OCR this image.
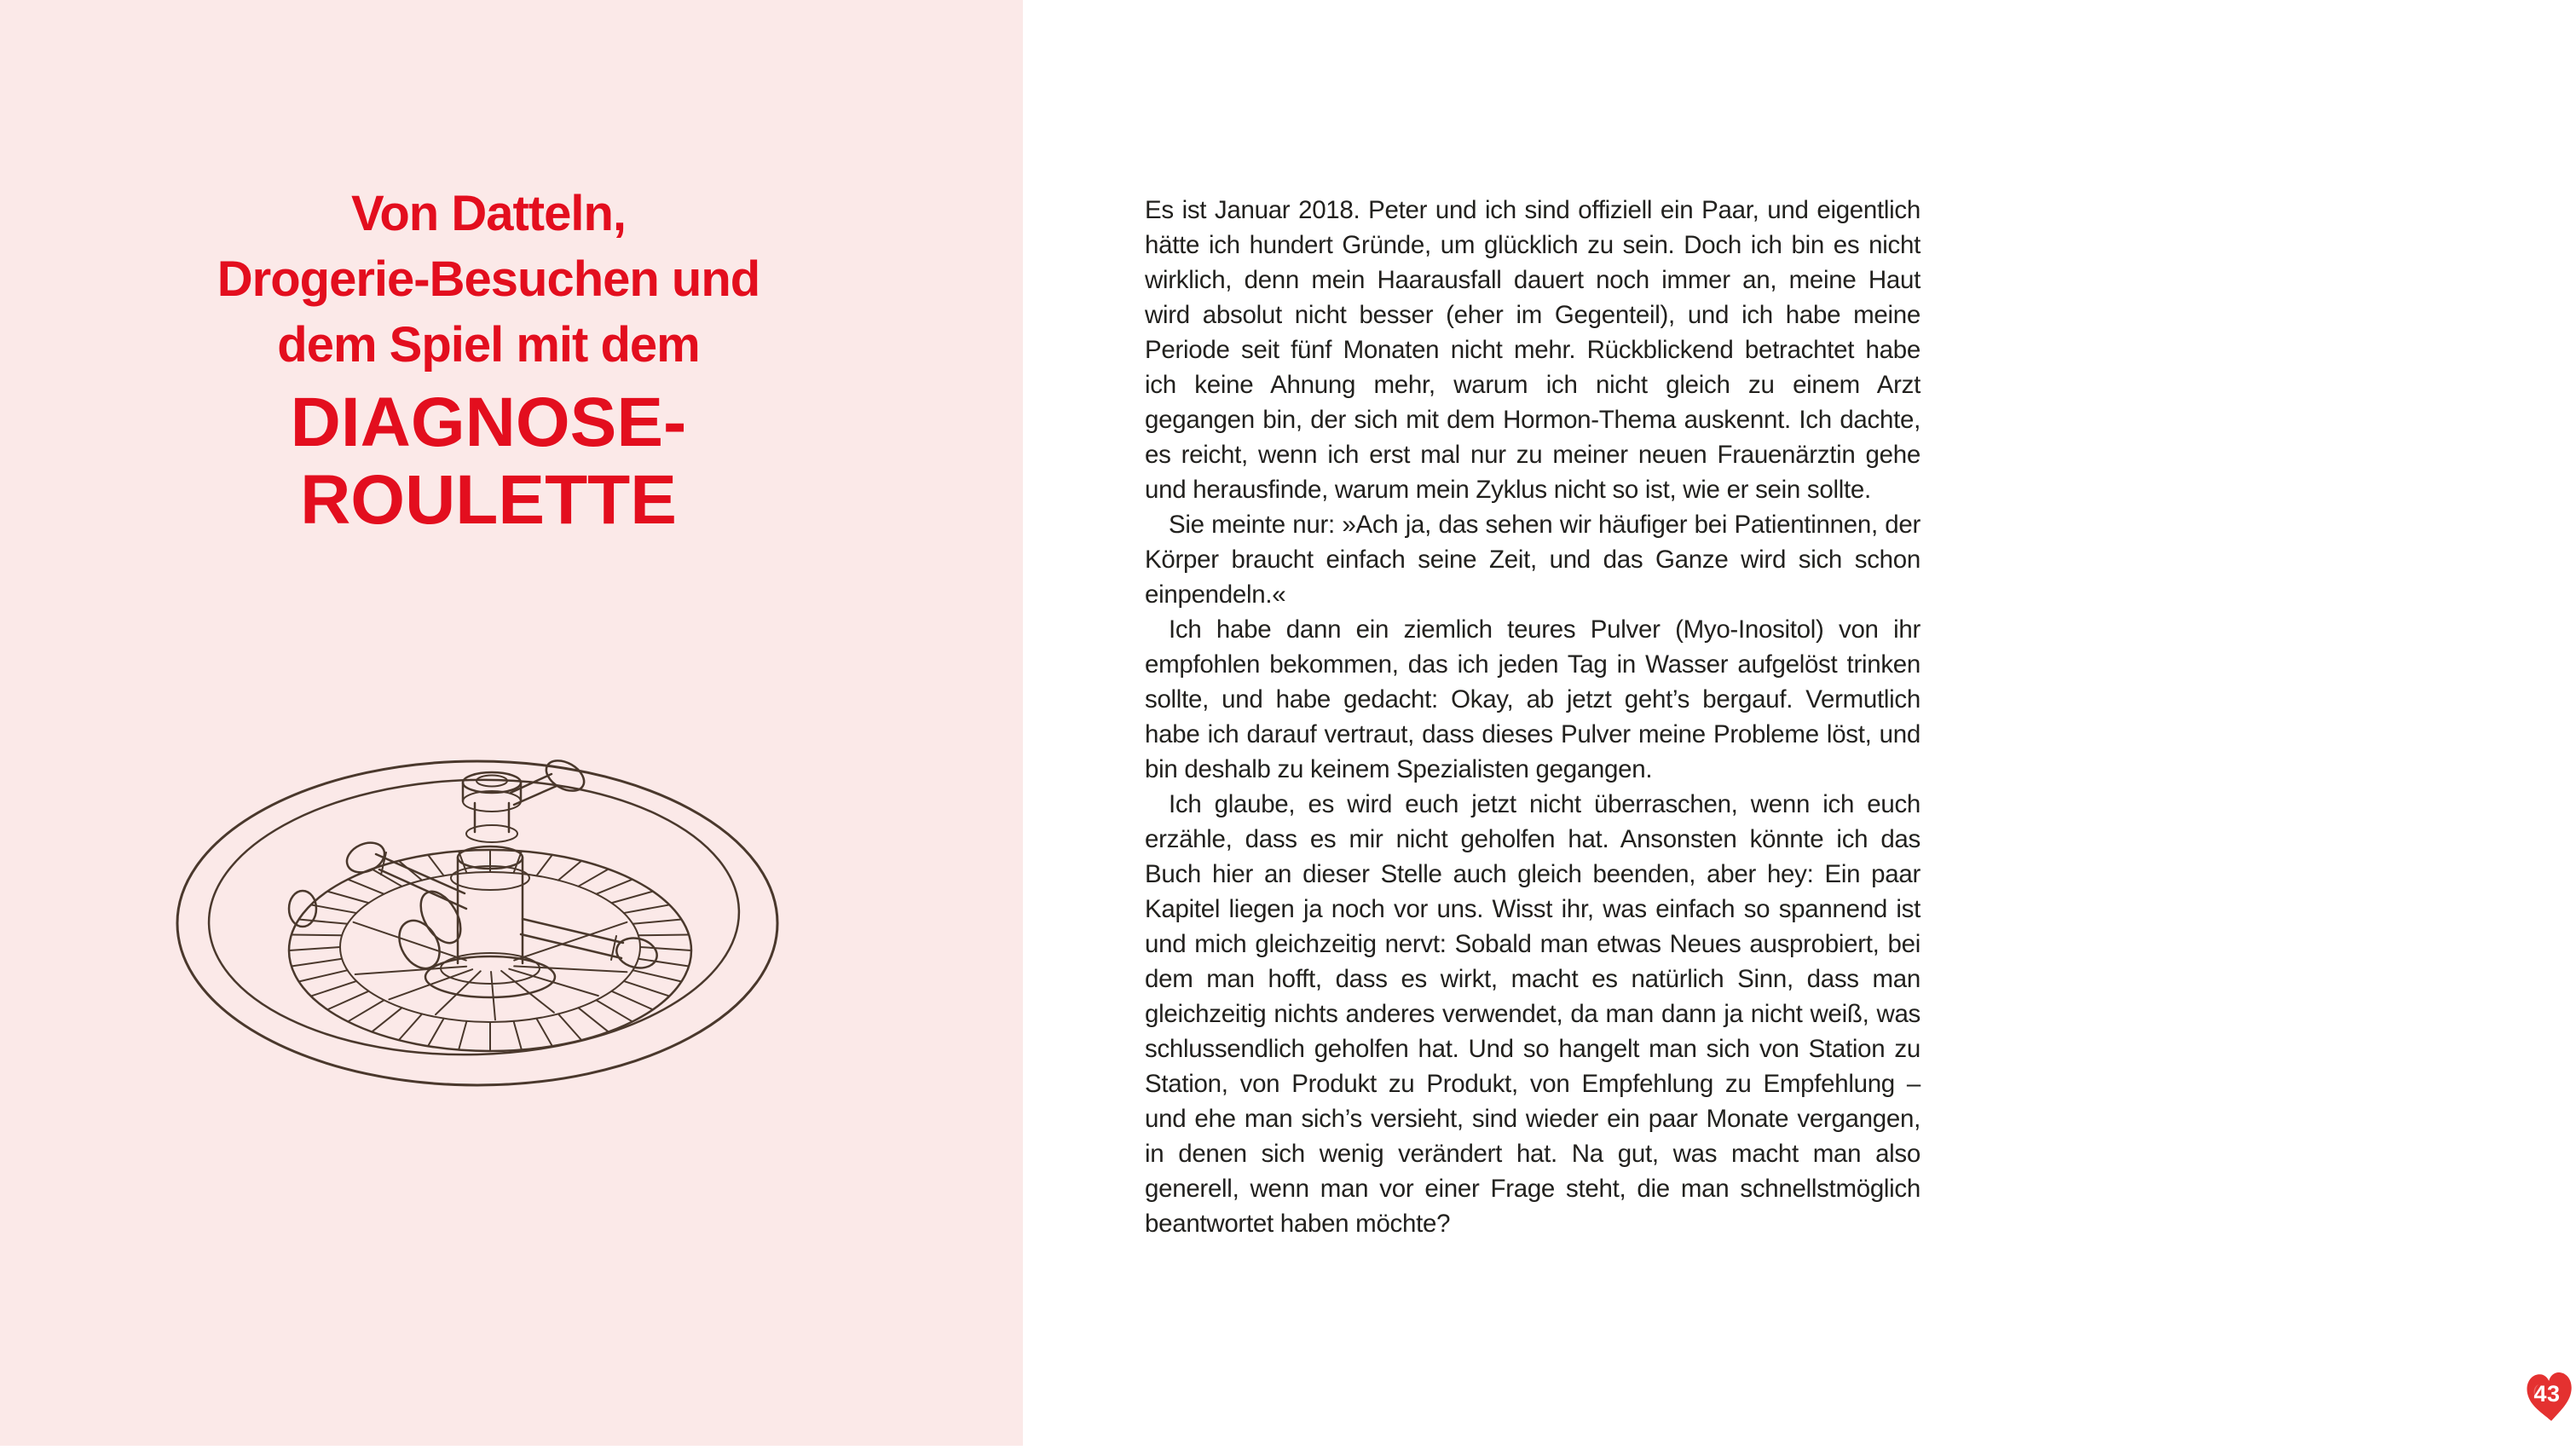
Von Datteln,
Drogerie-Besuchen und
dem Spiel mit dem
DIAGNOSE-
ROULETTE

Es ist Januar 2018. Peter und ich sind offiziell ein Paar, und eigentlich hätte ich hundert Gründe, um glücklich zu sein. Doch ich bin es nicht wirklich, denn mein Haarausfall dauert noch immer an, meine Haut wird absolut nicht besser (eher im Gegenteil), und ich habe meine Periode seit fünf Monaten nicht mehr. Rückblickend betrachtet habe ich keine Ahnung mehr, warum ich nicht gleich zu einem Arzt gegangen bin, der sich mit dem Hormon-Thema auskennt. Ich dachte, es reicht, wenn ich erst mal nur zu meiner neuen Frauenärztin gehe und herausfinde, warum mein Zyklus nicht so ist, wie er sein sollte.

Sie meinte nur: »Ach ja, das sehen wir häufiger bei Patientinnen, der Körper braucht einfach seine Zeit, und das Ganze wird sich schon einpendeln.«

Ich habe dann ein ziemlich teures Pulver (Myo-Inositol) von ihr empfohlen bekommen, das ich jeden Tag in Wasser aufgelöst trinken sollte, und habe gedacht: Okay, ab jetzt geht’s bergauf. Vermutlich habe ich darauf vertraut, dass dieses Pulver meine Probleme löst, und bin deshalb zu keinem Spezialisten gegangen.

Ich glaube, es wird euch jetzt nicht überraschen, wenn ich euch erzähle, dass es mir nicht geholfen hat. Ansonsten könnte ich das Buch hier an dieser Stelle auch gleich beenden, aber hey: Ein paar Kapitel liegen ja noch vor uns. Wisst ihr, was einfach so spannend ist und mich gleichzeitig nervt: Sobald man etwas Neues ausprobiert, bei dem man hofft, dass es wirkt, macht es natürlich Sinn, dass man gleichzeitig nichts anderes verwendet, da man dann ja nicht weiß, was schlussendlich geholfen hat. Und so hangelt man sich von Station zu Station, von Produkt zu Produkt, von Empfehlung zu Empfehlung – und ehe man sich’s versieht, sind wieder ein paar Monate vergangen, in denen sich wenig verändert hat. Na gut, was macht man also generell, wenn man vor einer Frage steht, die man schnellstmöglich beantwortet haben möchte?

43
